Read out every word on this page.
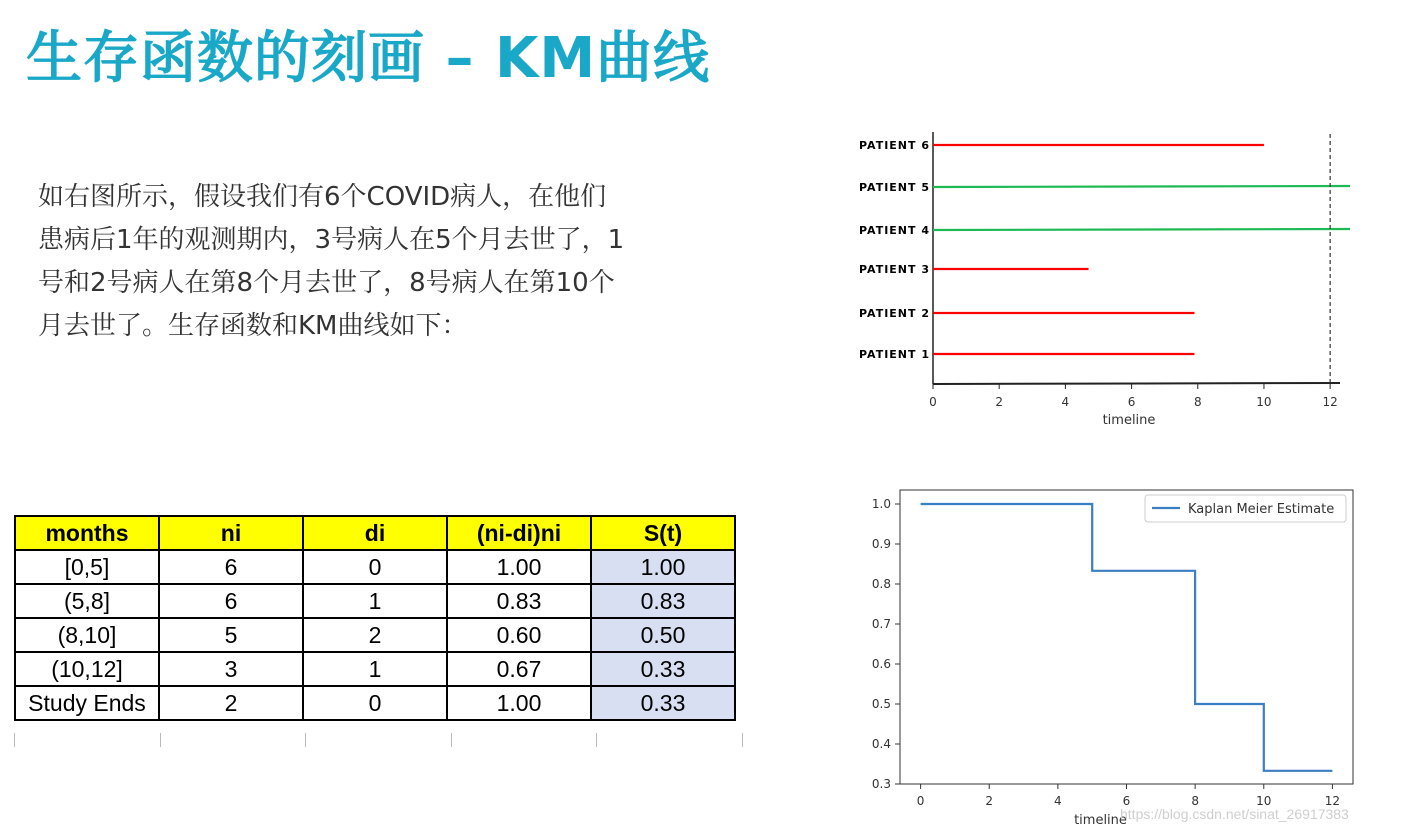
生存函数的刻画 – KM曲线
如右图所示，假设我们有6个COVID病人，在他们
患病后1年的观测期内，3号病人在5个月去世了，1
号和2号病人在第8个月去世了，8号病人在第10个
月去世了。生存函数和KM曲线如下：
months	ni	di	(ni-di)ni	S(t)
[0,5]	6	0	1.00	1.00
(5,8]	6	1	0.83	0.83
(8,10]	5	2	0.60	0.50
(10,12]	3	1	0.67	0.33
Study Ends	2	0	1.00	0.33
PATIENT 6
PATIENT 5
PATIENT 4
PATIENT 3
PATIENT 2
PATIENT 1
0	2	4	6	8	10	12
timeline
0.3
0.4
0.5
0.6
0.7
0.8
0.9
1.0
0	2	4	6	8	10	12
timeline
Kaplan Meier Estimate
https://blog.csdn.net/sinat_26917383
